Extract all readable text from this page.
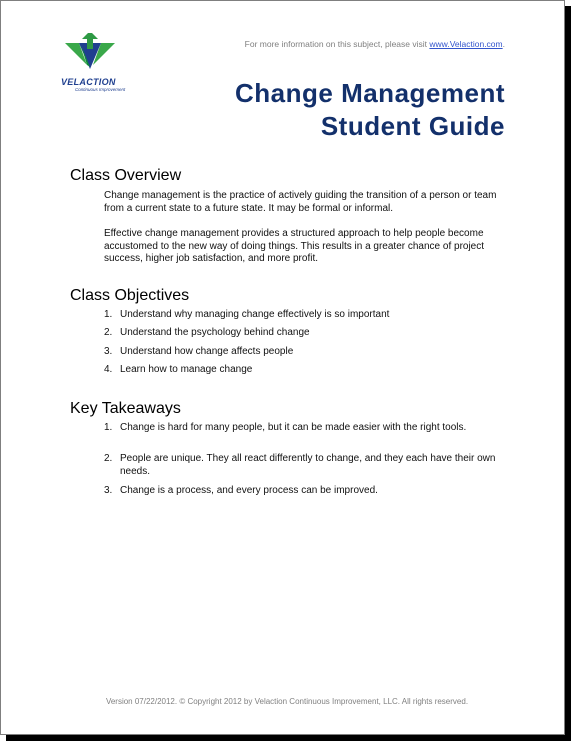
VELACTION
Continuous Improvement
For more information on this subject, please visit www.Velaction.com.
Change Management
Student Guide
Class Overview

Change management is the practice of actively guiding the transition of a person or team from a current state to a future state. It may be formal or informal.

Effective change management provides a structured approach to help people become accustomed to the new way of doing things. This results in a greater chance of project success, higher job satisfaction, and more profit.

Class Objectives
1. Understand why managing change effectively is so important
2. Understand the psychology behind change
3. Understand how change affects people
4. Learn how to manage change
Key Takeaways
1. Change is hard for many people, but it can be made easier with the right tools.
2. People are unique. They all react differently to change, and they each have their own needs.
3. Change is a process, and every process can be improved.
Version 07/22/2012. © Copyright 2012 by Velaction Continuous Improvement, LLC. All rights reserved.
